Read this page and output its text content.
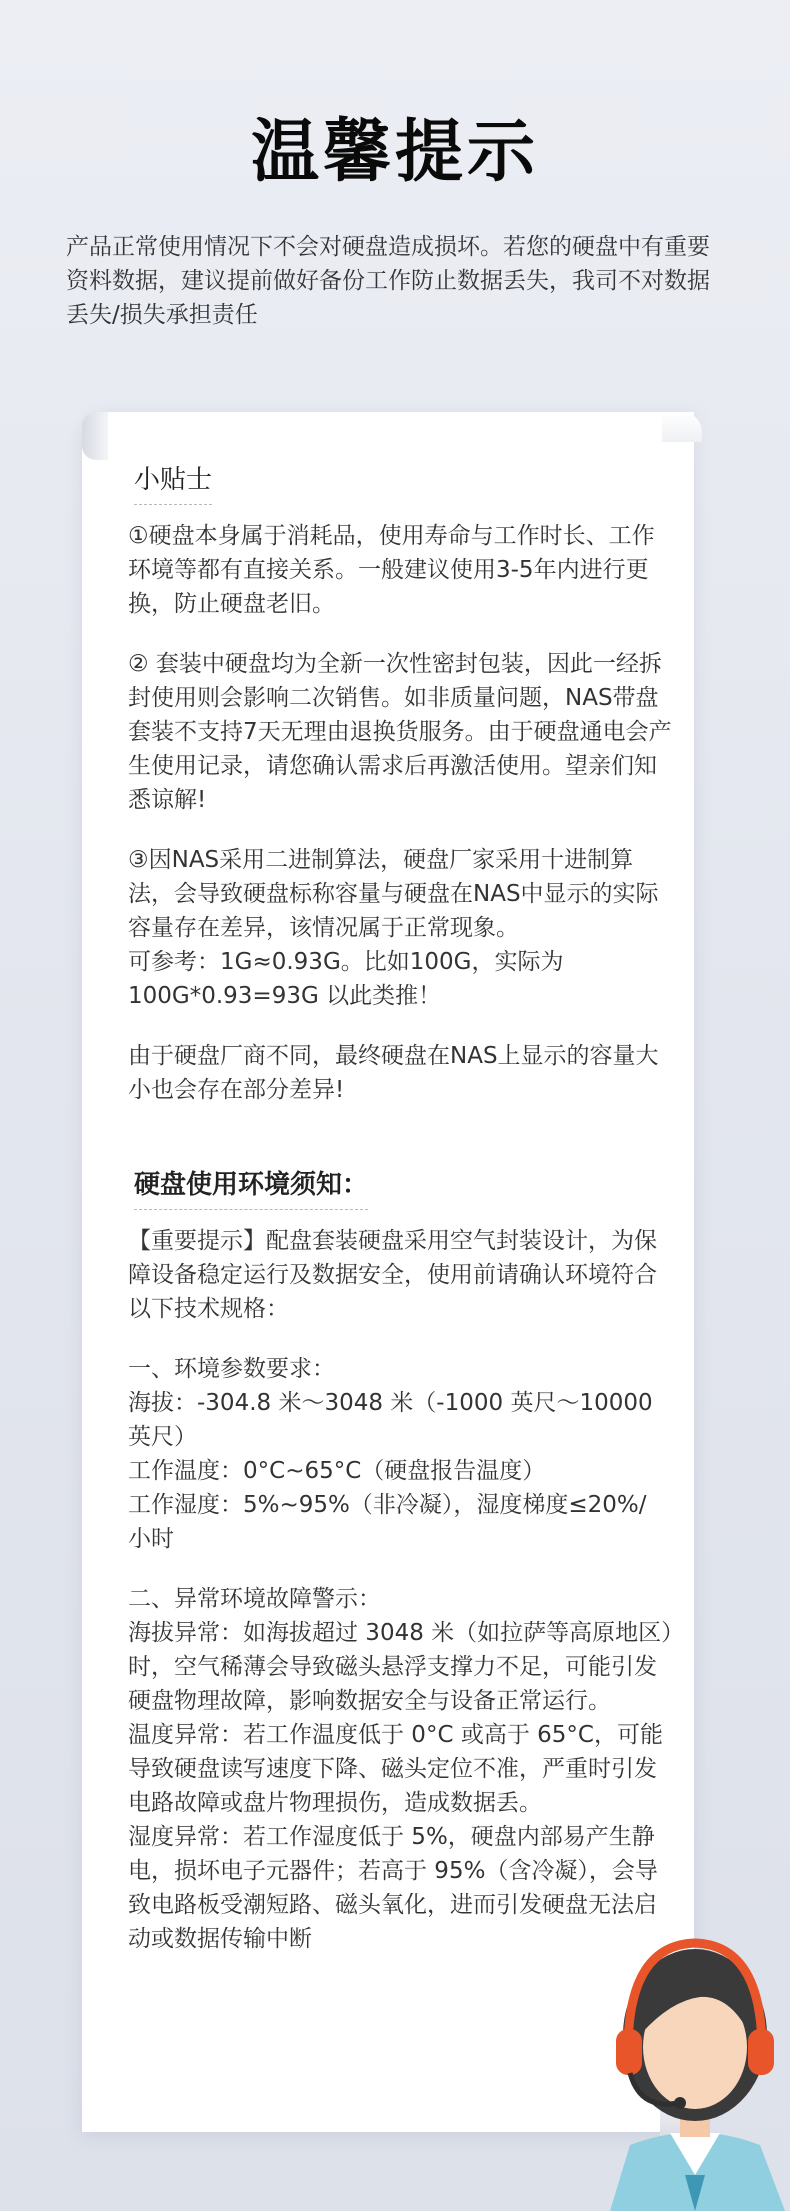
温馨提示
产品正常使用情况下不会对硬盘造成损坏。若您的硬盘中有重要资料数据，建议提前做好备份工作防止数据丢失，我司不对数据丢失/损失承担责任
小贴士
①硬盘本身属于消耗品，使用寿命与工作时长、工作环境等都有直接关系。一般建议使用3-5年内进行更换，防止硬盘老旧。
② 套装中硬盘均为全新一次性密封包装，因此一经拆封使用则会影响二次销售。如非质量问题，NAS带盘套装不支持7天无理由退换货服务。由于硬盘通电会产生使用记录，请您确认需求后再激活使用。望亲们知悉谅解!
③因NAS采用二进制算法，硬盘厂家采用十进制算法，会导致硬盘标称容量与硬盘在NAS中显示的实际容量存在差异，该情况属于正常现象。
可参考：1G≈0.93G。比如100G，实际为100G*0.93=93G 以此类推！
由于硬盘厂商不同，最终硬盘在NAS上显示的容量大小也会存在部分差异!
硬盘使用环境须知：
【重要提示】配盘套装硬盘采用空气封装设计，为保障设备稳定运行及数据安全，使用前请确认环境符合以下技术规格：
一、环境参数要求：
海拔：-304.8 米～3048 米（-1000 英尺～10000 英尺）
工作温度：0°C~65°C（硬盘报告温度）
工作湿度：5%~95%（非冷凝），湿度梯度≤20%/ 小时
二、异常环境故障警示：
海拔异常：如海拔超过 3048 米（如拉萨等高原地区）时，空气稀薄会导致磁头悬浮支撑力不足，可能引发硬盘物理故障，影响数据安全与设备正常运行。
温度异常：若工作温度低于 0°C 或高于 65°C，可能导致硬盘读写速度下降、磁头定位不准，严重时引发电路故障或盘片物理损伤，造成数据丢。
湿度异常：若工作湿度低于 5%，硬盘内部易产生静电，损坏电子元器件；若高于 95%（含冷凝），会导致电路板受潮短路、磁头氧化，进而引发硬盘无法启动或数据传输中断
